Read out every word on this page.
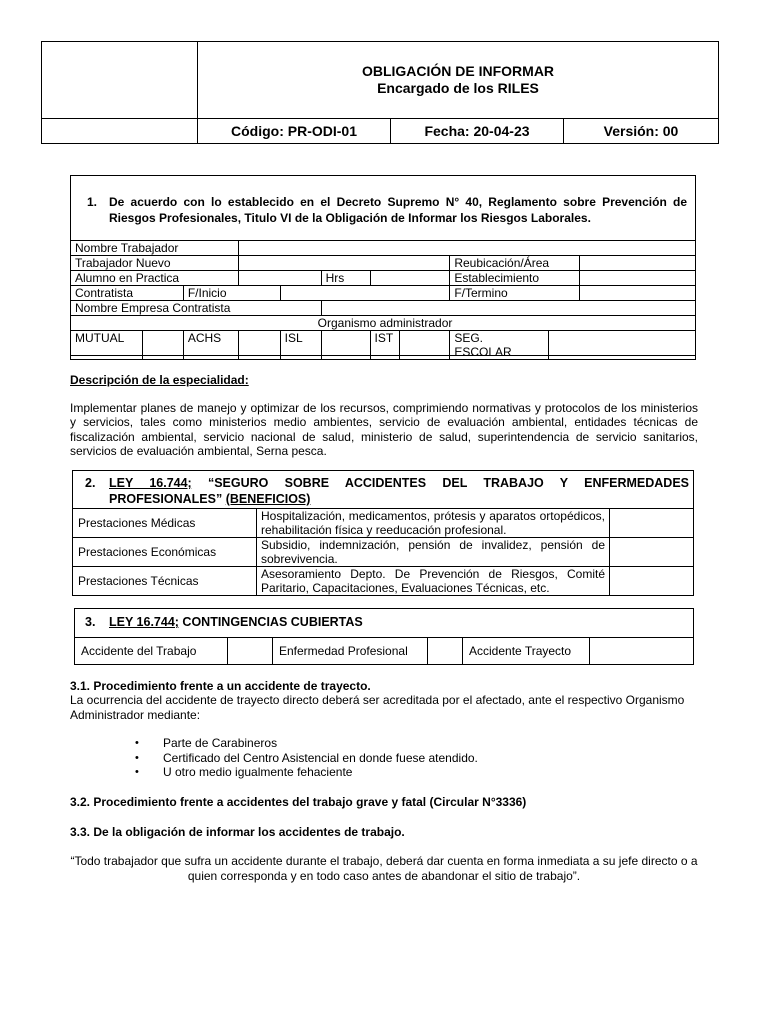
	OBLIGACIÓN DE INFORMAR
Encargado de los RILES		

	Código: PR-ODI-01	Fecha: 20-04-23	Versión: 00
1. De acuerdo con lo establecido en el Decreto Supremo N° 40, Reglamento sobre Prevención de Riesgos Profesionales, Titulo VI de la Obligación de Informar los Riesgos Laborales.
Nombre Trabajador										
Trabajador Nuevo								Reubicación/Área		
Alumno en Practica					Hrs			Establecimiento		
Contratista		F/Inicio						F/Termino		
Nombre Empresa Contratista										
Organismo administrador										
MUTUAL		ACHS		ISL		IST		SEG.
ESCOLAR		
Descripción de la especialidad:
Implementar planes de manejo y optimizar de los recursos, comprimiendo normativas y protocolos de los ministerios y servicios, tales como ministerios medio ambientes, servicio de evaluación ambiental, entidades técnicas de fiscalización ambiental, servicio nacional de salud, ministerio de salud, superintendencia de servicio sanitarios, servicios de evaluación ambiental, Serna pesca.
2. LEY 16.744; “SEGURO SOBRE ACCIDENTES DEL TRABAJO Y ENFERMEDADES PROFESIONALES” (BENEFICIOS)
Prestaciones Médicas	Hospitalización, medicamentos, prótesis y aparatos ortopédicos, rehabilitación física y reeducación profesional.	
Prestaciones Económicas	Subsidio, indemnización, pensión de invalidez, pensión de sobrevivencia.	
Prestaciones Técnicas	Asesoramiento Depto. De Prevención de Riesgos, Comité Paritario, Capacitaciones, Evaluaciones Técnicas, etc.	
3. LEY 16.744; CONTINGENCIAS CUBIERTAS
Accidente del Trabajo		Enfermedad Profesional		Accidente Trayecto	
3.1. Procedimiento frente a un accidente de trayecto.
La ocurrencia del accidente de trayecto directo deberá ser acreditada por el afectado, ante el respectivo Organismo Administrador mediante:
• Parte de Carabineros
• Certificado del Centro Asistencial en donde fuese atendido.
• U otro medio igualmente fehaciente
3.2. Procedimiento frente a accidentes del trabajo grave y fatal (Circular N°3336)
3.3. De la obligación de informar los accidentes de trabajo.
“Todo trabajador que sufra un accidente durante el trabajo, deberá dar cuenta en forma inmediata a su jefe directo o a quien corresponda y en todo caso antes de abandonar el sitio de trabajo”.
